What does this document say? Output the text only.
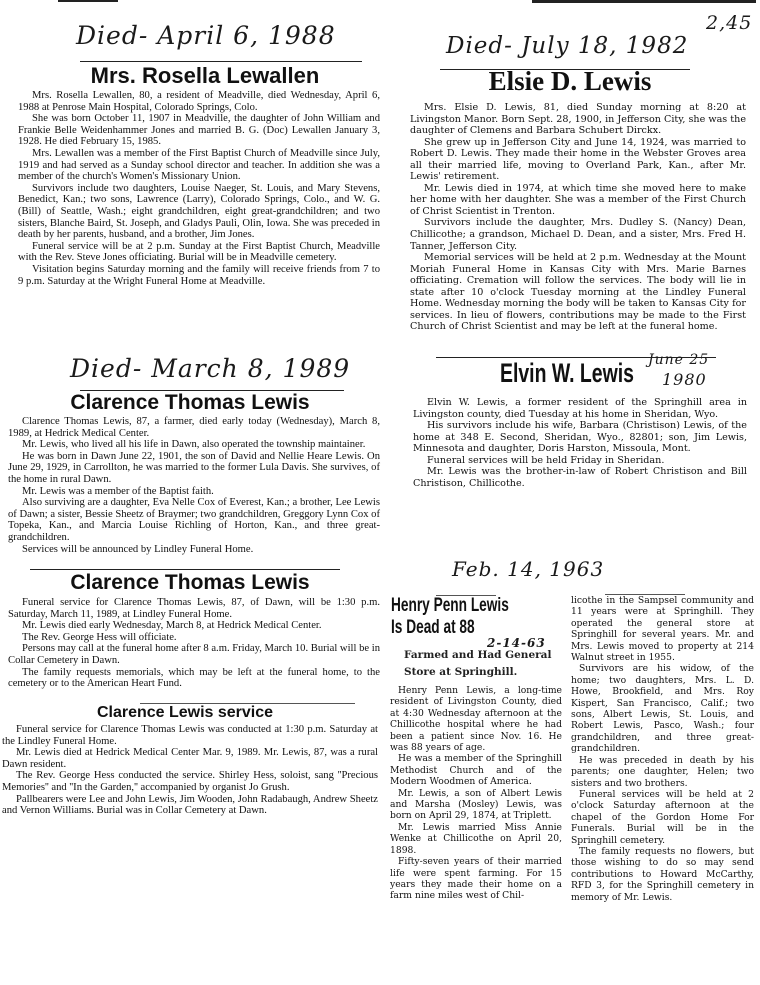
2,45
Died- April 6, 1988
Mrs. Rosella Lewallen

Mrs. Rosella Lewallen, 80, a resident of Meadville, died Wednesday, April 6, 1988 at Penrose Main Hospital, Colorado Springs, Colo.

She was born October 11, 1907 in Meadville, the daughter of John William and Frankie Belle Weidenhammer Jones and married B. G. (Doc) Lewallen January 3, 1928. He died February 15, 1985.

Mrs. Lewallen was a member of the First Baptist Church of Meadville since July, 1919 and had served as a Sunday school director and teacher. In addition she was a member of the church's Women's Missionary Union.

Survivors include two daughters, Louise Naeger, St. Louis, and Mary Stevens, Benedict, Kan.; two sons, Lawrence (Larry), Colorado Springs, Colo., and W. G. (Bill) of Seattle, Wash.; eight grandchildren, eight great-grandchildren; and two sisters, Blanche Baird, St. Joseph, and Gladys Pauli, Olin, Iowa. She was preceded in death by her parents, husband, and a brother, Jim Jones.

Funeral service will be at 2 p.m. Sunday at the First Baptist Church, Meadville with the Rev. Steve Jones officiating. Burial will be in Meadville cemetery.

Visitation begins Saturday morning and the family will receive friends from 7 to 9 p.m. Saturday at the Wright Funeral Home at Meadville.

Died- March 8, 1989
Clarence Thomas Lewis

Clarence Thomas Lewis, 87, a farmer, died early today (Wednesday), March 8, 1989, at Hedrick Medical Center.

Mr. Lewis, who lived all his life in Dawn, also operated the township maintainer.

He was born in Dawn June 22, 1901, the son of David and Nellie Heare Lewis. On June 29, 1929, in Carrollton, he was married to the former Lula Davis. She survives, of the home in rural Dawn.

Mr. Lewis was a member of the Baptist faith.

Also surviving are a daughter, Eva Nelle Cox of Everest, Kan.; a brother, Lee Lewis of Dawn; a sister, Bessie Sheetz of Braymer; two grandchildren, Greggory Lynn Cox of Topeka, Kan., and Marcia Louise Richling of Horton, Kan., and three great-grandchildren.

Services will be announced by Lindley Funeral Home.

Clarence Thomas Lewis

Funeral service for Clarence Thomas Lewis, 87, of Dawn, will be 1:30 p.m. Saturday, March 11, 1989, at Lindley Funeral Home.

Mr. Lewis died early Wednesday, March 8, at Hedrick Medical Center.

The Rev. George Hess will officiate.

Persons may call at the funeral home after 8 a.m. Friday, March 10. Burial will be in Collar Cemetery in Dawn.

The family requests memorials, which may be left at the funeral home, to the cemetery or to the American Heart Fund.

Clarence Lewis service

Funeral service for Clarence Thomas Lewis was conducted at 1:30 p.m. Saturday at the Lindley Funeral Home.

Mr. Lewis died at Hedrick Medical Center Mar. 9, 1989. Mr. Lewis, 87, was a rural Dawn resident.

The Rev. George Hess conducted the service. Shirley Hess, soloist, sang ''Precious Memories'' and ''In the Garden,'' accompanied by organist Jo Grush.

Pallbearers were Lee and John Lewis, Jim Wooden, John Radabaugh, Andrew Sheetz and Vernon Williams. Burial was in Collar Cemetery at Dawn.

Died- July 18, 1982
Elsie D. Lewis

Mrs. Elsie D. Lewis, 81, died Sunday morning at 8:20 at Livingston Manor. Born Sept. 28, 1900, in Jefferson City, she was the daughter of Clemens and Barbara Schubert Dirckx.

She grew up in Jefferson City and June 14, 1924, was married to Robert D. Lewis. They made their home in the Webster Groves area all their married life, moving to Overland Park, Kan., after Mr. Lewis' retirement.

Mr. Lewis died in 1974, at which time she moved here to make her home with her daughter. She was a member of the First Church of Christ Scientist in Trenton.

Survivors include the daughter, Mrs. Dudley S. (Nancy) Dean, Chillicothe; a grandson, Michael D. Dean, and a sister, Mrs. Fred H. Tanner, Jefferson City.

Memorial services will be held at 2 p.m. Wednesday at the Mount Moriah Funeral Home in Kansas City with Mrs. Marie Barnes officiating. Cremation will follow the services. The body will lie in state after 10 o'clock Tuesday morning at the Lindley Funeral Home. Wednesday morning the body will be taken to Kansas City for services. In lieu of flowers, contributions may be made to the First Church of Christ Scientist and may be left at the funeral home.

Elvin W. Lewis June 25
1980

Elvin W. Lewis, a former resident of the Springhill area in Livingston county, died Tuesday at his home in Sheridan, Wyo.

His survivors include his wife, Barbara (Christison) Lewis, of the home at 348 E. Second, Sheridan, Wyo., 82801; son, Jim Lewis, Minnesota and daughter, Doris Harston, Missoula, Mont.

Funeral services will be held Friday in Sheridan.

Mr. Lewis was the brother-in-law of Robert Christison and Bill Christison, Chillicothe.

Feb. 14, 1963
Henry Penn Lewis
Is Dead at 88
2-14-63
Farmed and Had General
Store at Springhill.

Henry Penn Lewis, a long-time resident of Livingston County, died at 4:30 Wednesday afternoon at the Chillicothe hospital where he had been a patient since Nov. 16. He was 88 years of age.

He was a member of the Springhill Methodist Church and of the Modern Woodmen of America.

Mr. Lewis, a son of Albert Lewis and Marsha (Mosley) Lewis, was born on April 29, 1874, at Triplett.

Mr. Lewis married Miss Annie Wenke at Chillicothe on April 20, 1898.

Fifty-seven years of their married life were spent farming. For 15 years they made their home on a farm nine miles west of Chil-

licothe in the Sampsel community and 11 years were at Springhill. They operated the general store at Springhill for several years. Mr. and Mrs. Lewis moved to property at 214 Walnut street in 1955.

Survivors are his widow, of the home; two daughters, Mrs. L. D. Howe, Brookfield, and Mrs. Roy Kispert, San Francisco, Calif.; two sons, Albert Lewis, St. Louis, and Robert Lewis, Pasco, Wash.; four grandchildren, and three great-grandchildren.

He was preceded in death by his parents; one daughter, Helen; two sisters and two brothers.

Funeral services will be held at 2 o'clock Saturday afternoon at the chapel of the Gordon Home For Funerals. Burial will be in the Springhill cemetery.

The family requests no flowers, but those wishing to do so may send contributions to Howard McCarthy, RFD 3, for the Springhill cemetery in memory of Mr. Lewis.
